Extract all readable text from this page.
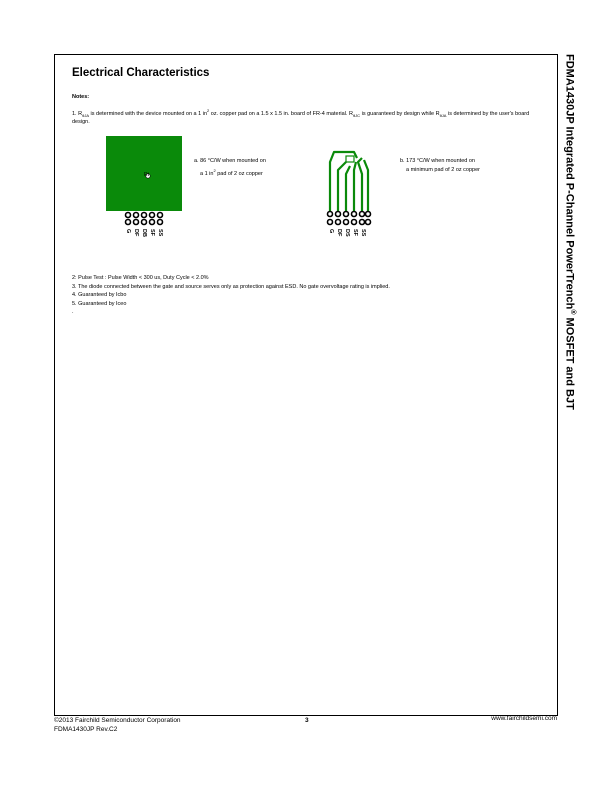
Electrical Characteristics	FDMA1430JP Integrated P-Channel PowerTrench® MOSFET and BJT
Notes:
1. $R_{\theta JA}$ is determined with the device mounted on a 1 $in^2$ oz. copper pad on a 1.5 x 1.5 in. board of FR-4 material. $R_{\theta JC}$ is guaranteed by design while $R_{\theta JA}$ is determined by the user's board design.
Rt
G DF DB SF SS
a. 86 °C/W when mounted on
a 1 $in^2$ pad of 2 oz copper
G DF DS SF SS
b. 173 °C/W when mounted on
a minimum pad of 2 oz copper
2: Pulse Test : Pulse Width < 300 us, Duty Cycle < 2.0%
3. The diode connected between the gate and source serves only as protection against ESD. No gate overvoltage rating is implied.
4. Guaranteed by Icbo
5. Guaranteed by Iceo
.
©2013 Fairchild Semiconductor Corporation
FDMA1430JP Rev.C2
3	www.fairchildsemi.com
